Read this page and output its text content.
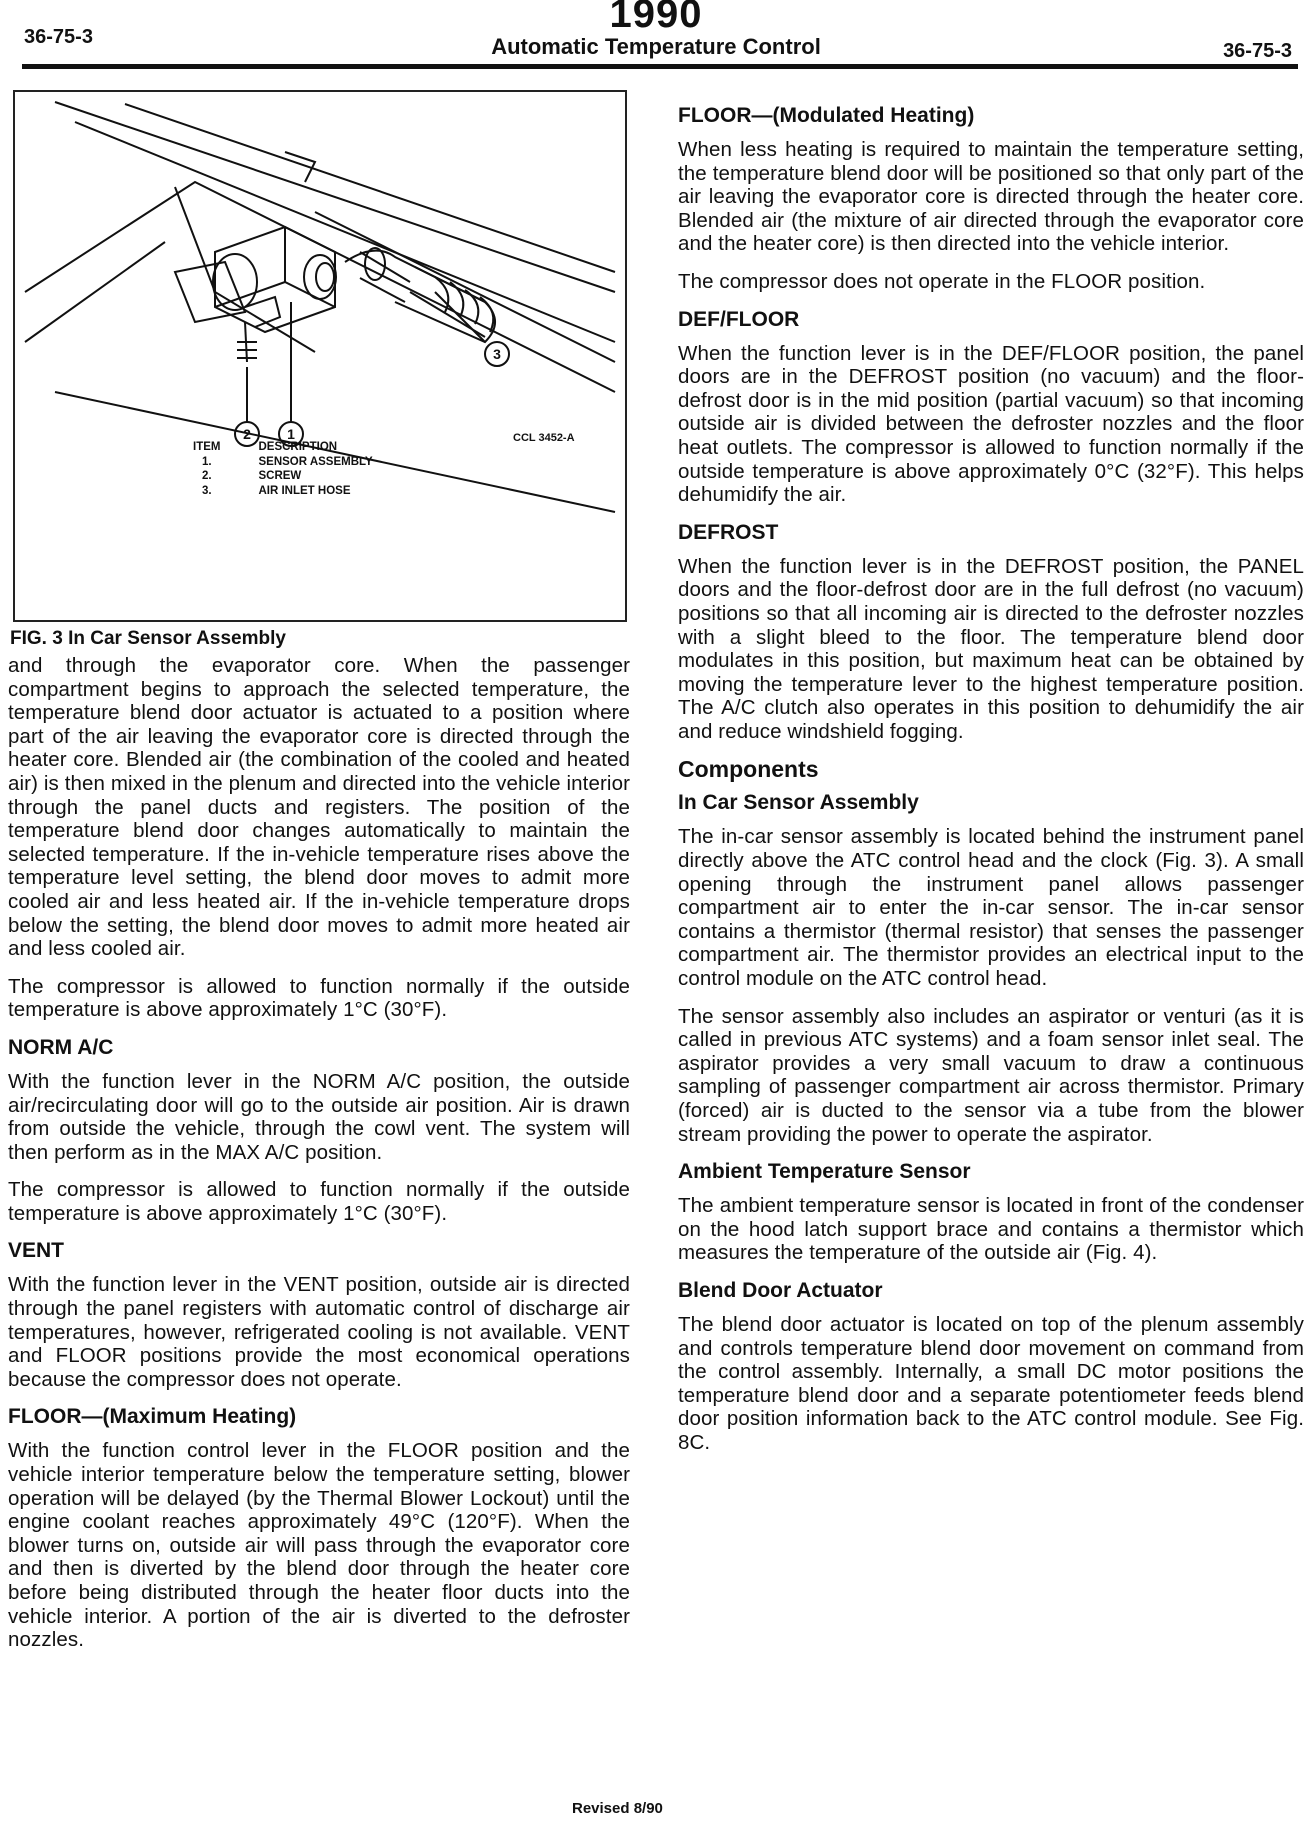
36-75-3
1990
Automatic Temperature Control	36-75-3
2	1
3
CCL 3452-A
ITEM	DESCRIPTION
1.	SENSOR ASSEMBLY
2.	SCREW
3.	AIR INLET HOSE
FIG. 3 In Car Sensor Assembly

and through the evaporator core. When the passenger compartment begins to approach the selected temperature, the temperature blend door actuator is actuated to a position where part of the air leaving the evaporator core is directed through the heater core. Blended air (the combination of the cooled and heated air) is then mixed in the plenum and directed into the vehicle interior through the panel ducts and registers. The position of the temperature blend door changes automatically to maintain the selected temperature. If the in-vehicle temperature rises above the temperature level setting, the blend door moves to admit more cooled air and less heated air. If the in-vehicle temperature drops below the setting, the blend door moves to admit more heated air and less cooled air.

The compressor is allowed to function normally if the outside temperature is above approximately 1°C (30°F).

NORM A/C

With the function lever in the NORM A/C position, the outside air/recirculating door will go to the outside air position. Air is drawn from outside the vehicle, through the cowl vent. The system will then perform as in the MAX A/C position.

The compressor is allowed to function normally if the outside temperature is above approximately 1°C (30°F).

VENT

With the function lever in the VENT position, outside air is directed through the panel registers with automatic control of discharge air temperatures, however, refrigerated cooling is not available. VENT and FLOOR positions provide the most economical operations because the compressor does not operate.

FLOOR—(Maximum Heating)

With the function control lever in the FLOOR position and the vehicle interior temperature below the temperature setting, blower operation will be delayed (by the Thermal Blower Lockout) until the engine coolant reaches approximately 49°C (120°F). When the blower turns on, outside air will pass through the evaporator core and then is diverted by the blend door through the heater core before being distributed through the heater floor ducts into the vehicle interior. A portion of the air is diverted to the defroster nozzles.

FLOOR—(Modulated Heating)

When less heating is required to maintain the temperature setting, the temperature blend door will be positioned so that only part of the air leaving the evaporator core is directed through the heater core. Blended air (the mixture of air directed through the evaporator core and the heater core) is then directed into the vehicle interior.

The compressor does not operate in the FLOOR position.

DEF/FLOOR

When the function lever is in the DEF/FLOOR position, the panel doors are in the DEFROST position (no vacuum) and the floor-defrost door is in the mid position (partial vacuum) so that incoming outside air is divided between the defroster nozzles and the floor heat outlets. The compressor is allowed to function normally if the outside temperature is above approximately 0°C (32°F). This helps dehumidify the air.

DEFROST

When the function lever is in the DEFROST position, the PANEL doors and the floor-defrost door are in the full defrost (no vacuum) positions so that all incoming air is directed to the defroster nozzles with a slight bleed to the floor. The temperature blend door modulates in this position, but maximum heat can be obtained by moving the temperature lever to the highest temperature position. The A/C clutch also operates in this position to dehumidify the air and reduce windshield fogging.

Components
In Car Sensor Assembly

The in-car sensor assembly is located behind the instrument panel directly above the ATC control head and the clock (Fig. 3). A small opening through the instrument panel allows passenger compartment air to enter the in-car sensor. The in-car sensor contains a thermistor (thermal resistor) that senses the passenger compartment air. The thermistor provides an electrical input to the control module on the ATC control head.

The sensor assembly also includes an aspirator or venturi (as it is called in previous ATC systems) and a foam sensor inlet seal. The aspirator provides a very small vacuum to draw a continuous sampling of passenger compartment air across thermistor. Primary (forced) air is ducted to the sensor via a tube from the blower stream providing the power to operate the aspirator.

Ambient Temperature Sensor

The ambient temperature sensor is located in front of the condenser on the hood latch support brace and contains a thermistor which measures the temperature of the outside air (Fig. 4).

Blend Door Actuator

The blend door actuator is located on top of the plenum assembly and controls temperature blend door movement on command from the control assembly. Internally, a small DC motor positions the temperature blend door and a separate potentiometer feeds blend door position information back to the ATC control module. See Fig. 8C.

Revised 8/90
